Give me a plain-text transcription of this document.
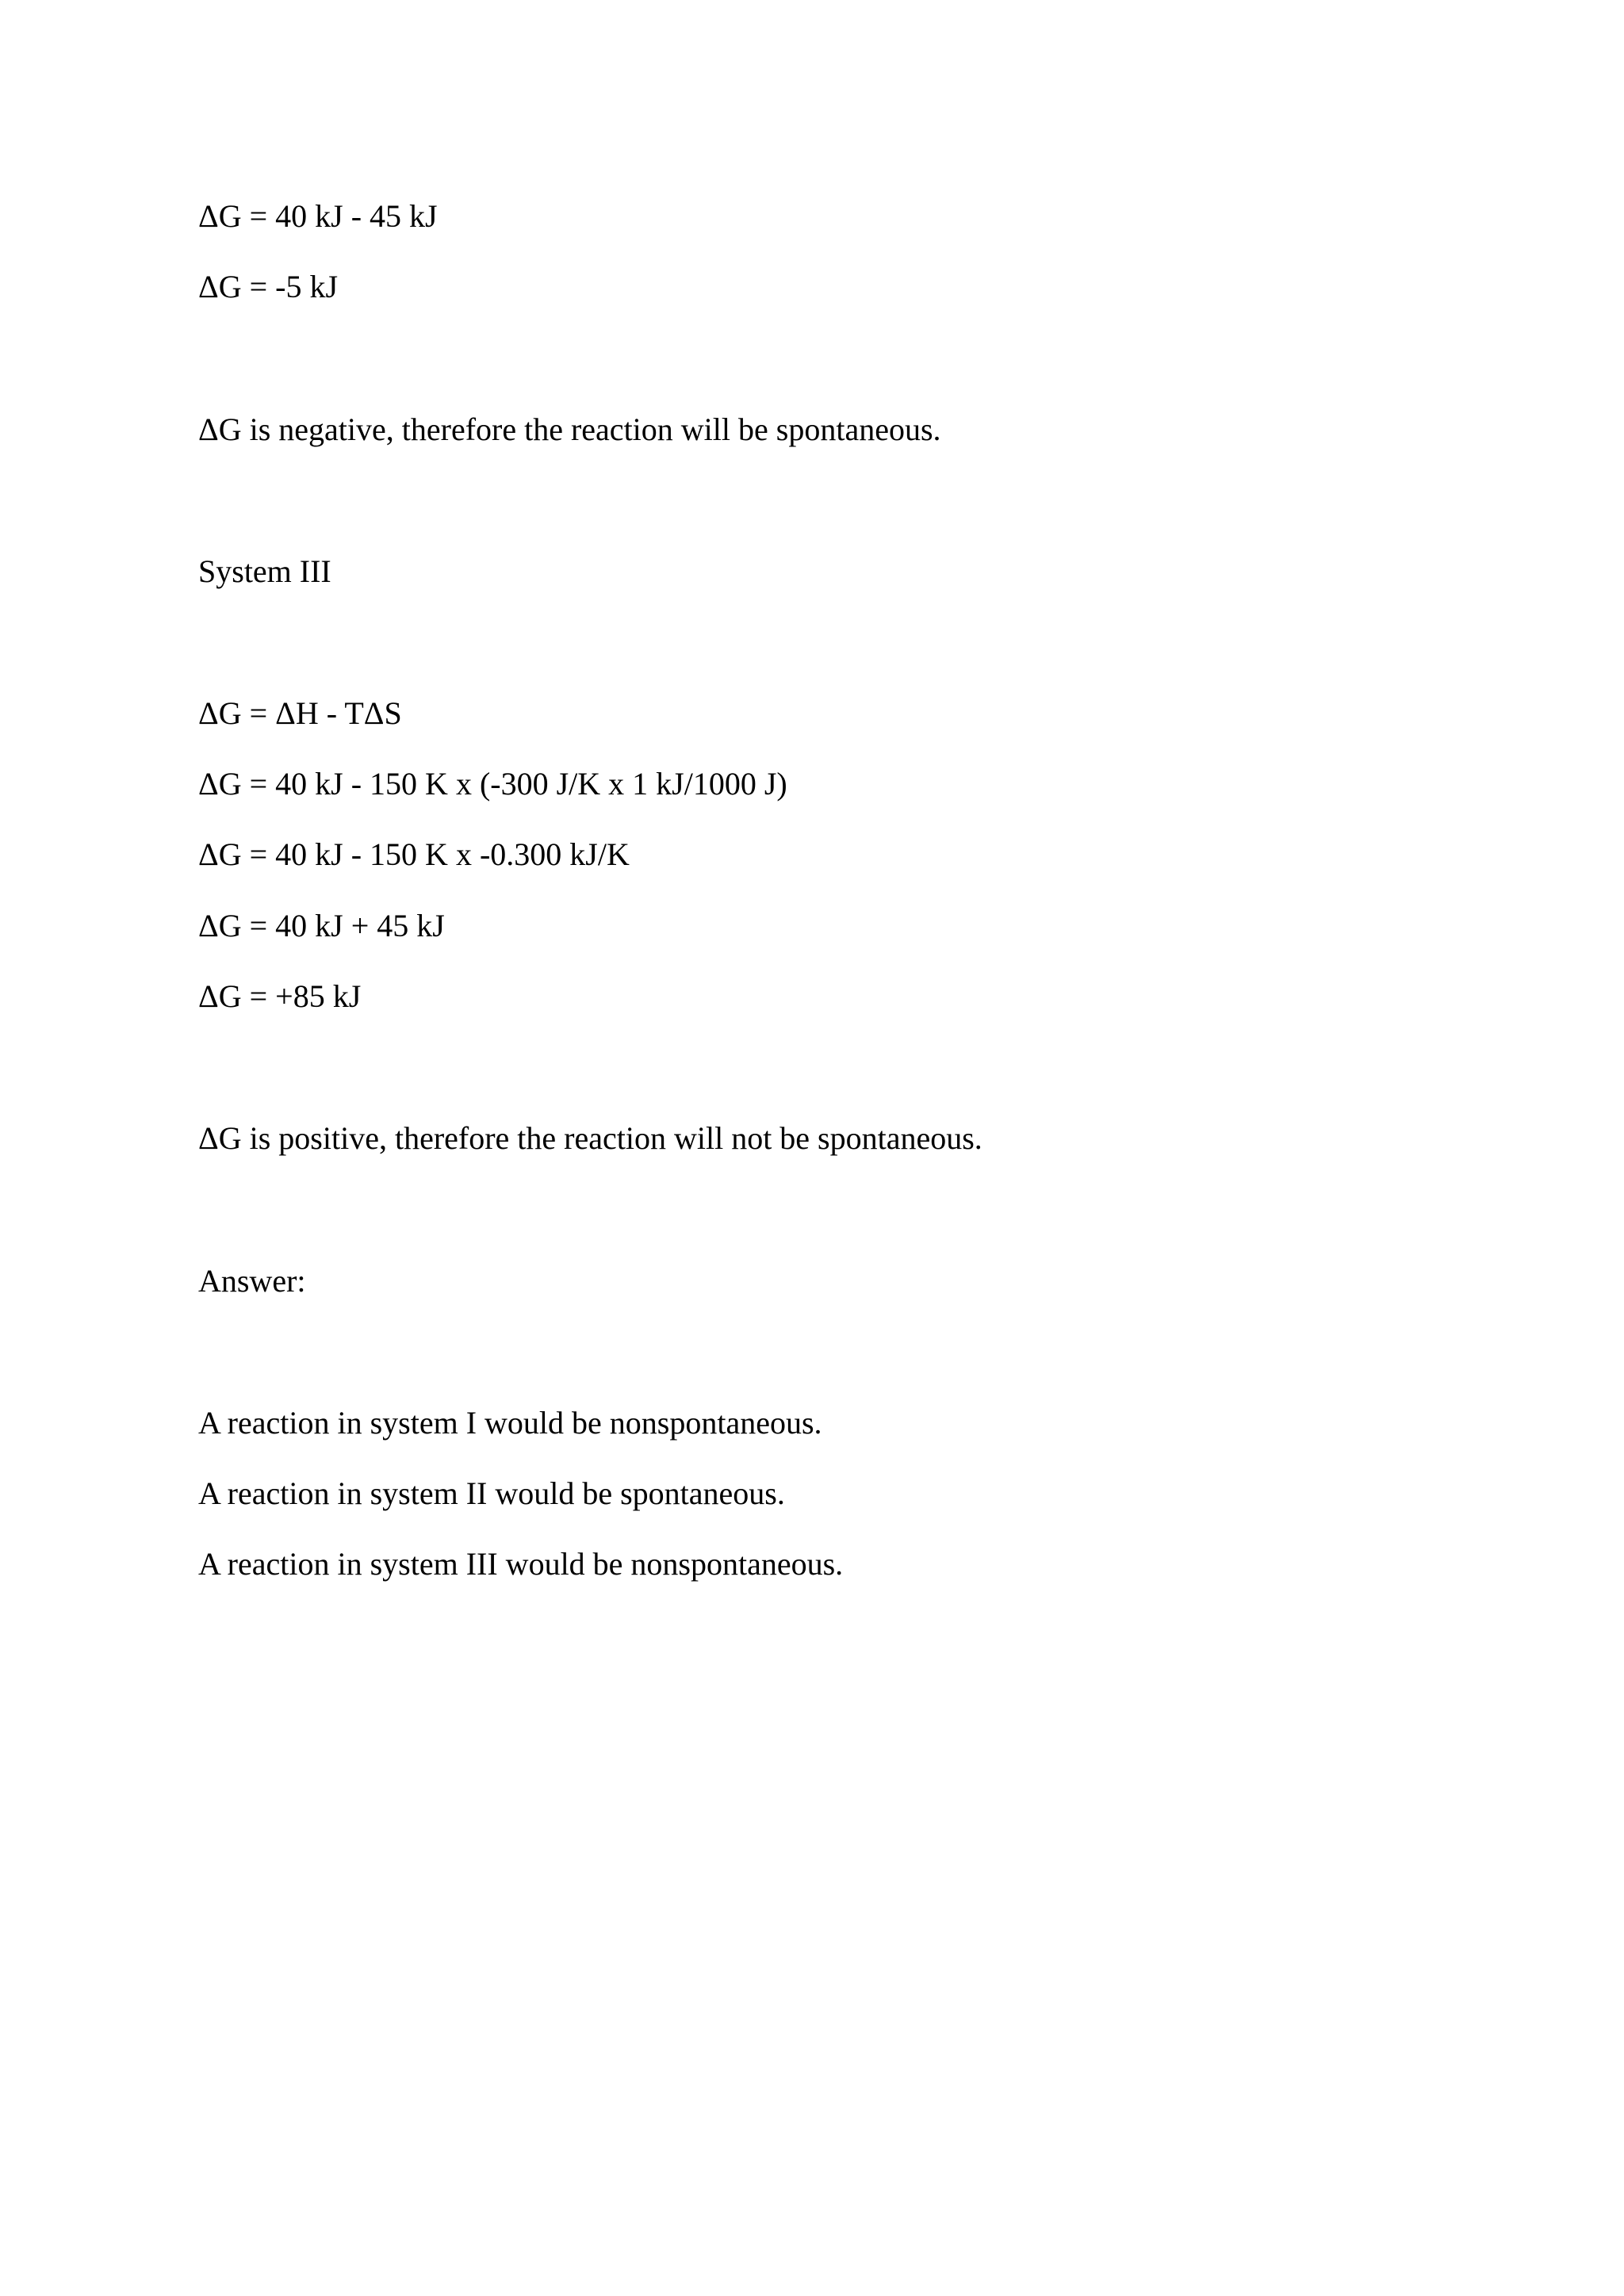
ΔG = 40 kJ - 45 kJ

ΔG = -5 kJ

ΔG is negative, therefore the reaction will be spontaneous.

System III

ΔG = ΔH - TΔS

ΔG = 40 kJ - 150 K x (-300 J/K x 1 kJ/1000 J)

ΔG = 40 kJ - 150 K x -0.300 kJ/K

ΔG = 40 kJ + 45 kJ

ΔG = +85 kJ

ΔG is positive, therefore the reaction will not be spontaneous.

Answer:

A reaction in system I would be nonspontaneous.

A reaction in system II would be spontaneous.

A reaction in system III would be nonspontaneous.
